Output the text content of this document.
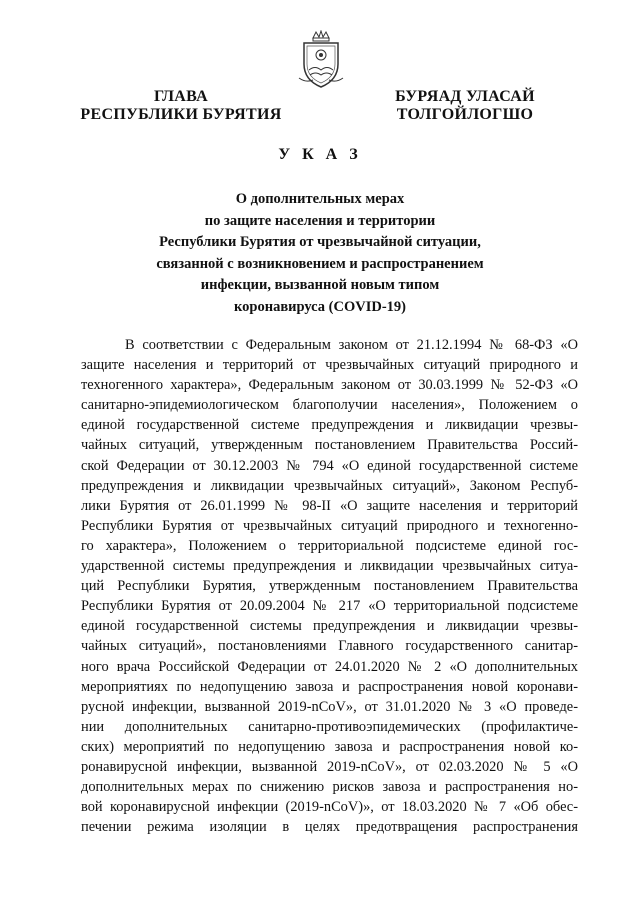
ГЛАВА
РЕСПУБЛИКИ БУРЯТИЯ
БУРЯАД УЛАСАЙ
ТОЛГОЙЛОГШО
У К А З
О дополнительных мерах
по защите населения и территории
Республики Бурятия от чрезвычайной ситуации,
связанной с возникновением и распространением
инфекции, вызванной новым типом
коронавируса (COVID-19)
В соответствии с Федеральным законом от 21.12.1994 № 68-ФЗ «О
защите населения и территорий от чрезвычайных ситуаций природного и
техногенного характера», Федеральным законом от 30.03.1999 № 52-ФЗ «О
санитарно-эпидемиологическом благополучии населения», Положением о
единой государственной системе предупреждения и ликвидации чрезвы-
чайных ситуаций, утвержденным постановлением Правительства Россий-
ской Федерации от 30.12.2003 № 794 «О единой государственной системе
предупреждения и ликвидации чрезвычайных ситуаций», Законом Респуб-
лики Бурятия от 26.01.1999 № 98-II «О защите населения и территорий
Республики Бурятия от чрезвычайных ситуаций природного и техногенно-
го характера», Положением о территориальной подсистеме единой гос-
ударственной системы предупреждения и ликвидации чрезвычайных ситуа-
ций Республики Бурятия, утвержденным постановлением Правительства
Республики Бурятия от 20.09.2004 № 217 «О территориальной подсистеме
единой государственной системы предупреждения и ликвидации чрезвы-
чайных ситуаций», постановлениями Главного государственного санитар-
ного врача Российской Федерации от 24.01.2020 № 2 «О дополнительных
мероприятиях по недопущению завоза и распространения новой коронави-
русной инфекции, вызванной 2019-nCoV», от 31.01.2020 № 3 «О проведе-
нии дополнительных санитарно-противоэпидемических (профилактиче-
ских) мероприятий по недопущению завоза и распространения новой ко-
ронавирусной инфекции, вызванной 2019-nCoV», от 02.03.2020 № 5 «О
дополнительных мерах по снижению рисков завоза и распространения но-
вой коронавирусной инфекции (2019-nCoV)», от 18.03.2020 № 7 «Об обес-
печении режима изоляции в целях предотвращения распространения
